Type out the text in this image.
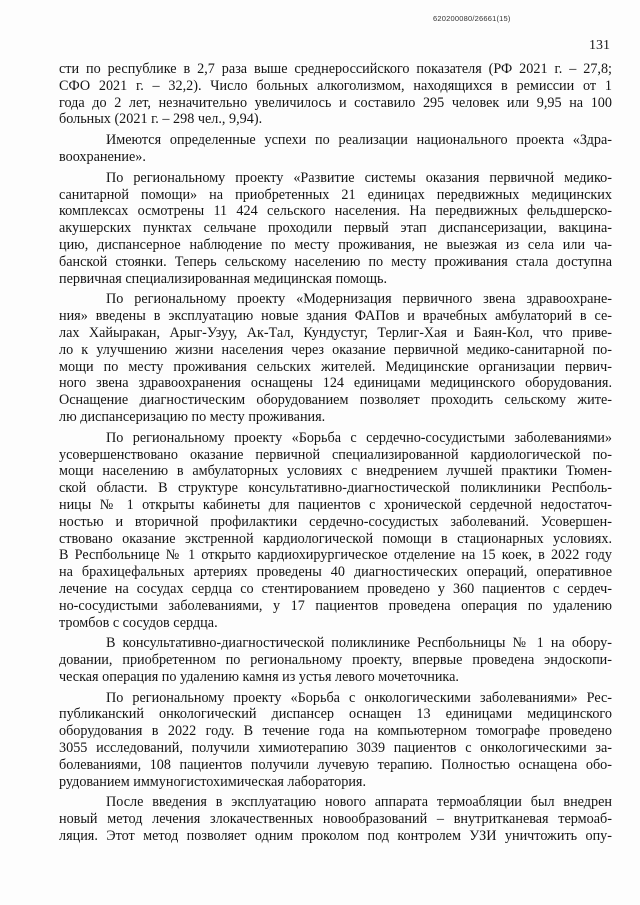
620200080/26661(15)
131
сти по республике в 2,7 раза выше среднероссийского показателя (РФ 2021 г. – 27,8;
СФО 2021 г. – 32,2). Число больных алкоголизмом, находящихся в ремиссии от 1
года до 2 лет, незначительно увеличилось и составило 295 человек или 9,95 на 100
больных (2021 г. – 298 чел., 9,94).
Имеются определенные успехи по реализации национального проекта «Здра-
воохранение».
По региональному проекту «Развитие системы оказания первичной медико-
санитарной помощи» на приобретенных 21 единицах передвижных медицинских
комплексах осмотрены 11 424 сельского населения. На передвижных фельдшерско-
акушерских пунктах сельчане проходили первый этап диспансеризации, вакцина-
цию, диспансерное наблюдение по месту проживания, не выезжая из села или ча-
банской стоянки. Теперь сельскому населению по месту проживания стала доступна
первичная специализированная медицинская помощь.
По региональному проекту «Модернизация первичного звена здравоохране-
ния» введены в эксплуатацию новые здания ФАПов и врачебных амбулаторий в се-
лах Хайыракан, Арыг-Узуу, Ак-Тал, Кундустуг, Терлиг-Хая и Баян-Кол, что приве-
ло к улучшению жизни населения через оказание первичной медико-санитарной по-
мощи по месту проживания сельских жителей. Медицинские организации первич-
ного звена здравоохранения оснащены 124 единицами медицинского оборудования.
Оснащение диагностическим оборудованием позволяет проходить сельскому жите-
лю диспансеризацию по месту проживания.
По региональному проекту «Борьба с сердечно-сосудистыми заболеваниями»
усовершенствовано оказание первичной специализированной кардиологической по-
мощи населению в амбулаторных условиях с внедрением лучшей практики Тюмен-
ской области. В структуре консультативно-диагностической поликлиники Респболь-
ницы № 1 открыты кабинеты для пациентов с хронической сердечной недостаточ-
ностью и вторичной профилактики сердечно-сосудистых заболеваний. Усовершен-
ствовано оказание экстренной кардиологической помощи в стационарных условиях.
В Респбольнице № 1 открыто кардиохирургическое отделение на 15 коек, в 2022 году
на брахицефальных артериях проведены 40 диагностических операций, оперативное
лечение на сосудах сердца со стентированием проведено у 360 пациентов с сердеч-
но-сосудистыми заболеваниями, у 17 пациентов проведена операция по удалению
тромбов с сосудов сердца.
В консультативно-диагностической поликлинике Респбольницы № 1 на обору-
довании, приобретенном по региональному проекту, впервые проведена эндоскопи-
ческая операция по удалению камня из устья левого мочеточника.
По региональному проекту «Борьба с онкологическими заболеваниями» Рес-
публиканский онкологический диспансер оснащен 13 единицами медицинского
оборудования в 2022 году. В течение года на компьютерном томографе проведено
3055 исследований, получили химиотерапию 3039 пациентов с онкологическими за-
болеваниями, 108 пациентов получили лучевую терапию. Полностью оснащена обо-
рудованием иммуногистохимическая лаборатория.
После введения в эксплуатацию нового аппарата термоабляции был внедрен
новый метод лечения злокачественных новообразований – внутритканевая термоаб-
ляция. Этот метод позволяет одним проколом под контролем УЗИ уничтожить опу-
